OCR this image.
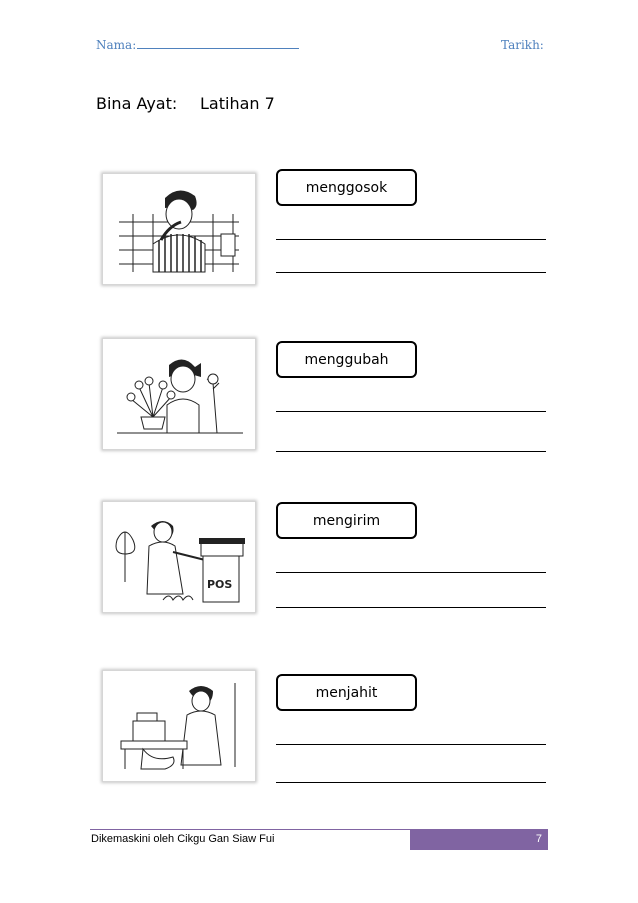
Nama:	Tarikh:
Bina Ayat: Latihan 7
menggosok
menggubah
POS
mengirim
menjahit
Dikemaskini oleh Cikgu Gan Siaw Fui	7
